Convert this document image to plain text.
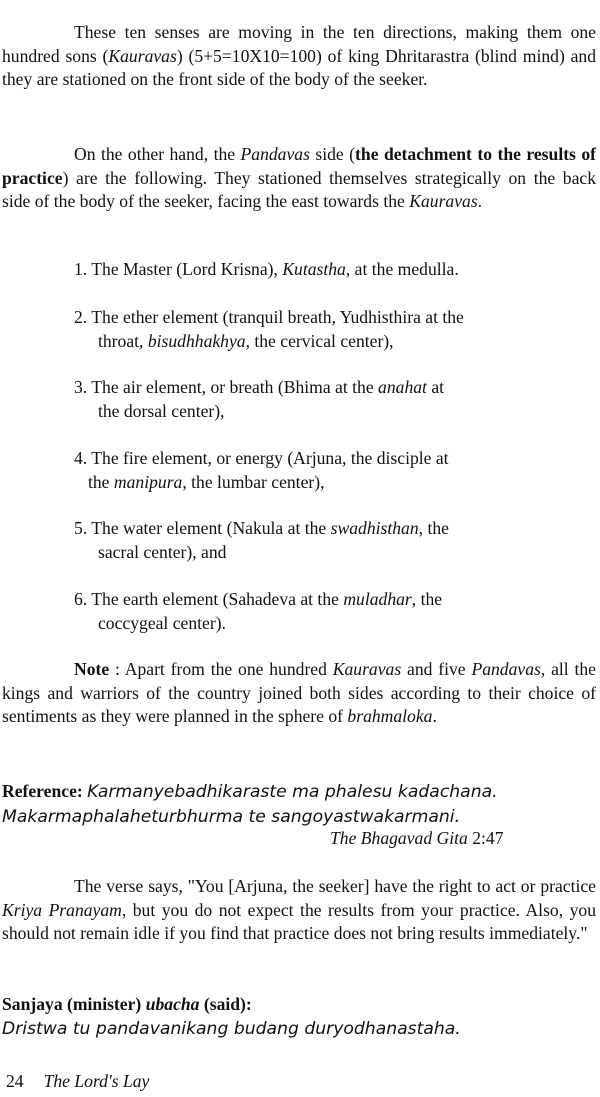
These ten senses are moving in the ten directions, making them one hundred sons (Kauravas) (5+5=10X10=100) of king Dhritarastra (blind mind) and they are stationed on the front side of the body of the seeker.
On the other hand, the Pandavas side (the detachment to the results of practice) are the following. They stationed themselves strategically on the back side of the body of the seeker, facing the east towards the Kauravas.
1. The Master (Lord Krisna), Kutastha, at the medulla.
2. The ether element (tranquil breath, Yudhisthira at the
throat, bisudhhakhya, the cervical center),
3. The air element, or breath (Bhima at the anahat at
the dorsal center),
4. The fire element, or energy (Arjuna, the disciple at
the manipura, the lumbar center),
5. The water element (Nakula at the swadhisthan, the
sacral center), and
6. The earth element (Sahadeva at the muladhar, the
coccygeal center).
Note : Apart from the one hundred Kauravas and five Pandavas, all the kings and warriors of the country joined both sides according to their choice of sentiments as they were planned in the sphere of brahmaloka.
Reference: Karmanyebadhikaraste ma phalesu kadachana.
Makarmaphalaheturbhurma te sangoyastwakarmani.
The Bhagavad Gita 2:47
The verse says, "You [Arjuna, the seeker] have the right to act or practice Kriya Pranayam, but you do not expect the results from your practice. Also, you should not remain idle if you find that practice does not bring results immediately."
Sanjaya (minister) ubacha (said):
Dristwa tu pandavanikang budang duryodhanastaha.
24 The Lord's Lay
